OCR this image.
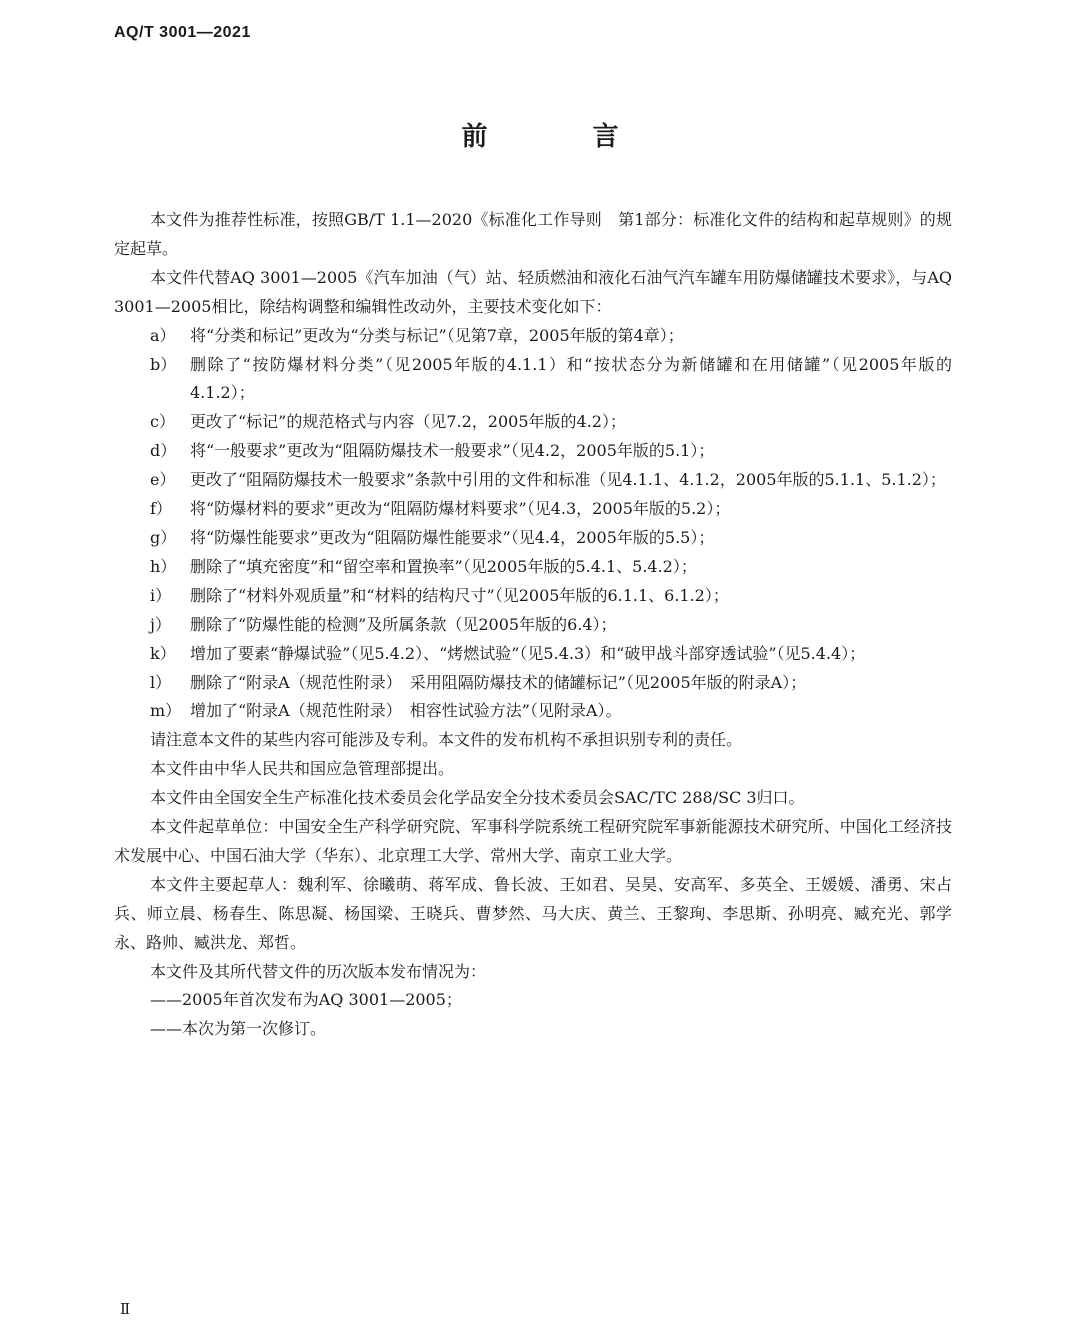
AQ/T 3001—2021
前 言

本文件为推荐性标准，按照GB/T 1.1—2020《标准化工作导则　第1部分：标准化文件的结构和起草规则》的规定起草。

本文件代替AQ 3001—2005《汽车加油（气）站、轻质燃油和液化石油气汽车罐车用防爆储罐技术要求》，与AQ 3001—2005相比，除结构调整和编辑性改动外，主要技术变化如下：

a） 将“分类和标记”更改为“分类与标记”（见第7章，2005年版的第4章）；
b） 删除了“按防爆材料分类”（见2005年版的4.1.1）和“按状态分为新储罐和在用储罐”（见2005年版的4.1.2）；
c） 更改了“标记”的规范格式与内容（见7.2，2005年版的4.2）；
d） 将“一般要求”更改为“阻隔防爆技术一般要求”（见4.2，2005年版的5.1）；
e） 更改了“阻隔防爆技术一般要求”条款中引用的文件和标准（见4.1.1、4.1.2，2005年版的5.1.1、5.1.2）；
f）	将“防爆材料的要求”更改为“阻隔防爆材料要求”（见4.3，2005年版的5.2）；
g） 将“防爆性能要求”更改为“阻隔防爆性能要求”（见4.4，2005年版的5.5）；
h） 删除了“填充密度”和“留空率和置换率”（见2005年版的5.4.1、5.4.2）；
i）	删除了“材料外观质量”和“材料的结构尺寸”（见2005年版的6.1.1、6.1.2）；
j）	删除了“防爆性能的检测”及所属条款（见2005年版的6.4）；
k） 增加了要素“静爆试验”（见5.4.2）、“烤燃试验”（见5.4.3）和“破甲战斗部穿透试验”（见5.4.4）；
l）	删除了“附录A（规范性附录）　采用阻隔防爆技术的储罐标记”（见2005年版的附录A）；
m） 增加了“附录A（规范性附录）　相容性试验方法”（见附录A）。

请注意本文件的某些内容可能涉及专利。本文件的发布机构不承担识别专利的责任。

本文件由中华人民共和国应急管理部提出。

本文件由全国安全生产标准化技术委员会化学品安全分技术委员会SAC/TC 288/SC 3归口。

本文件起草单位：中国安全生产科学研究院、军事科学院系统工程研究院军事新能源技术研究所、中国化工经济技术发展中心、中国石油大学（华东）、北京理工大学、常州大学、南京工业大学。

本文件主要起草人：魏利军、徐曦萌、蒋军成、鲁长波、王如君、吴昊、安高军、多英全、王媛媛、潘勇、宋占兵、师立晨、杨春生、陈思凝、杨国梁、王晓兵、曹梦然、马大庆、黄兰、王黎珣、李思斯、孙明亮、臧充光、郭学永、路帅、臧洪龙、郑哲。

本文件及其所代替文件的历次版本发布情况为：

——2005年首次发布为AQ 3001—2005；

——本次为第一次修订。

Ⅱ
